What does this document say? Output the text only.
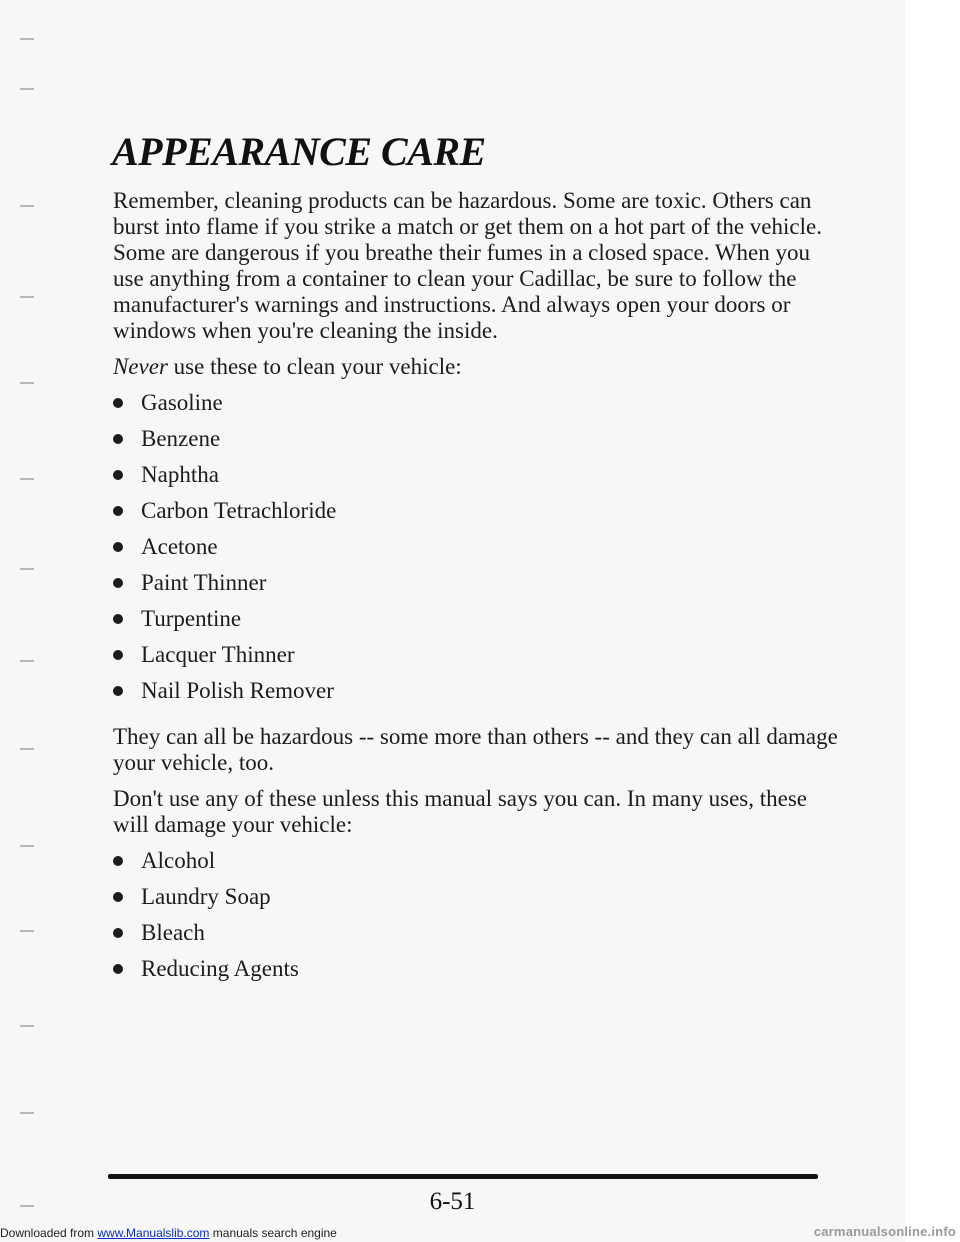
APPEARANCE CARE

Remember, cleaning products can be hazardous. Some are toxic. Others can burst into flame if you strike a match or get them on a hot part of the vehicle. Some are dangerous if you breathe their fumes in a closed space. When you use anything from a container to clean your Cadillac, be sure to follow the manufacturer's warnings and instructions. And always open your doors or windows when you're cleaning the inside.

Never use these to clean your vehicle:

Gasoline
Benzene
Naphtha
Carbon Tetrachloride
Acetone
Paint Thinner
Turpentine
Lacquer Thinner
Nail Polish Remover

They can all be hazardous -- some more than others -- and they can all damage your vehicle, too.

Don't use any of these unless this manual says you can. In many uses, these will damage your vehicle:

Alcohol
Laundry Soap
Bleach
Reducing Agents
6-51
Downloaded from www.Manualslib.com manuals search engine	carmanualsonline.info
